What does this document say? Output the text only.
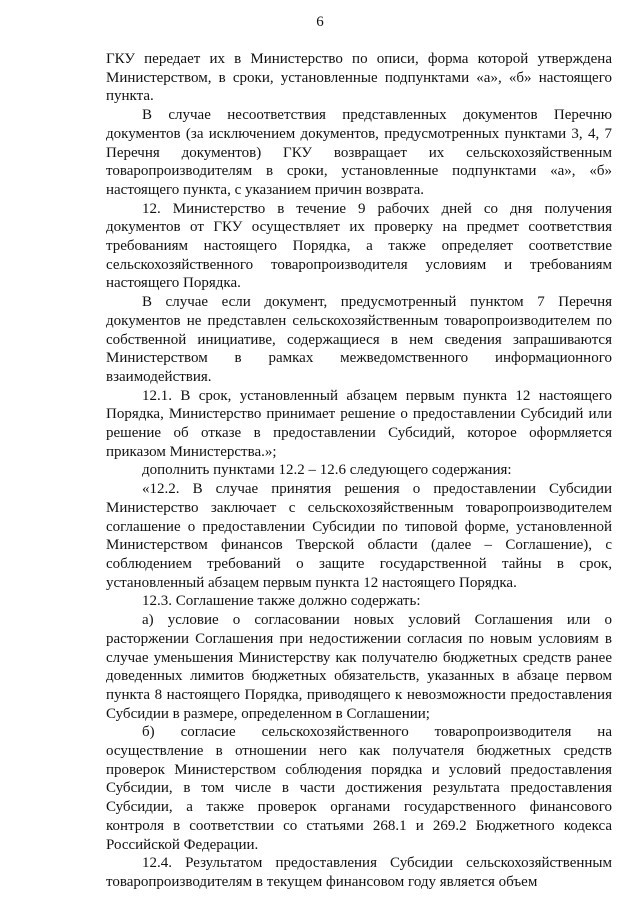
6

ГКУ передает их в Министерство по описи, форма которой утверждена Министерством, в сроки, установленные подпунктами «а», «б» настоящего пункта.

В случае несоответствия представленных документов Перечню документов (за исключением документов, предусмотренных пунктами 3, 4, 7 Перечня документов) ГКУ возвращает их сельскохозяйственным товаропроизводителям в сроки, установленные подпунктами «а», «б» настоящего пункта, с указанием причин возврата.

12. Министерство в течение 9 рабочих дней со дня получения документов от ГКУ осуществляет их проверку на предмет соответствия требованиям настоящего Порядка, а также определяет соответствие сельскохозяйственного товаропроизводителя условиям и требованиям настоящего Порядка.

В случае если документ, предусмотренный пунктом 7 Перечня документов не представлен сельскохозяйственным товаропроизводителем по собственной инициативе, содержащиеся в нем сведения запрашиваются Министерством в рамках межведомственного информационного взаимодействия.

12.1. В срок, установленный абзацем первым пункта 12 настоящего Порядка, Министерство принимает решение о предоставлении Субсидий или решение об отказе в предоставлении Субсидий, которое оформляется приказом Министерства.»;

дополнить пунктами 12.2 – 12.6 следующего содержания:

«12.2. В случае принятия решения о предоставлении Субсидии Министерство заключает с сельскохозяйственным товаропроизводителем соглашение о предоставлении Субсидии по типовой форме, установленной Министерством финансов Тверской области (далее – Соглашение), с соблюдением требований о защите государственной тайны в срок, установленный абзацем первым пункта 12 настоящего Порядка.

12.3. Соглашение также должно содержать:

а) условие о согласовании новых условий Соглашения или о расторжении Соглашения при недостижении согласия по новым условиям в случае уменьшения Министерству как получателю бюджетных средств ранее доведенных лимитов бюджетных обязательств, указанных в абзаце первом пункта 8 настоящего Порядка, приводящего к невозможности предоставления Субсидии в размере, определенном в Соглашении;

б) согласие сельскохозяйственного товаропроизводителя на осуществление в отношении него как получателя бюджетных средств проверок Министерством соблюдения порядка и условий предоставления Субсидии, в том числе в части достижения результата предоставления Субсидии, а также проверок органами государственного финансового контроля в соответствии со статьями 268.1 и 269.2 Бюджетного кодекса Российской Федерации.

12.4. Результатом предоставления Субсидии сельскохозяйственным товаропроизводителям в текущем финансовом году является объем
